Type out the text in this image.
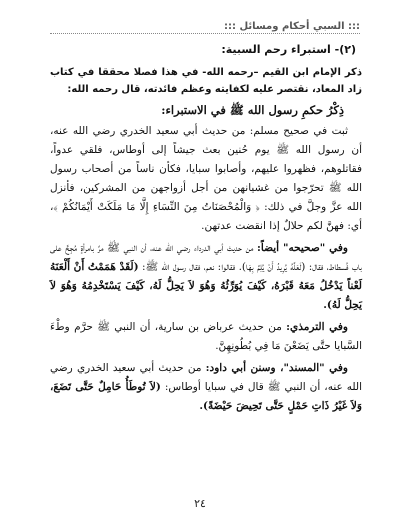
::: السبي أحكام ومسائل :::
(٢)- استبراء رحم السبية:

ذكر الإمام ابن القيم –رحمه الله- في هذا فصلا محققا في كتاب زاد المعاد، نقتصر عليه لكفايته وعظم فائدته، قال رحمه الله:

ذِكْرُ حكمِ رسول الله ﷺ في الاستبراء:

ثبت في صحيح مسلم: من حديث أبي سعيد الخدري رضي الله عنه، أن رسول الله ﷺ يوم حُنين بعث جيشاً إلى أوطاس، فلقي عدواً، فقاتلوهم، فظهروا عليهم، وأصابوا سبايا، فكأن ناساً من أصحاب رسول الله ﷺ تحرّجوا من غشيانهن من أجل أزواجهن من المشركين، فأنزل الله عزَّ وجلَّ في ذلك: ﴿ وَالْمُحْصَنَاتُ مِنَ النِّسَاءِ إِلَّا مَا مَلَكَتْ أَيْمَانُكُمْ ﴾، أي: فهنَّ لكم حلالٌ إذا انقضت عدتهن.

وفي "صحيحه" أيضاً: من حديث أبي الدرداء رضي الله عنه، أن النبي ﷺ مرَّ بامرأةٍ مُجِحٍّ على باب فُسطاط، فقال: (لَعَلَّهُ يُرِيدُ أَنْ يُلِمَّ بِهَا). فقالوا: نعم، فقال رسول الله ﷺ: (لَقَدْ هَمَمْتُ أَنْ أَلْعَنَهُ لَعْناً يَدْخُلُ مَعَهُ قَبْرَهُ، كَيْفَ يُوَرِّثُهُ وَهُوَ لاَ يَحِلُّ لَهُ، كَيْفَ يَسْتَخْدِمُهُ وَهُوَ لاَ يَحِلُّ لَهُ).

وفي الترمذي: من حديث عرباض بن سارية، أن النبي ﷺ حرَّم وطْءَ السَّبايا حتَّى يَضَعْنَ مَا فِي بُطُونِهِنَّ.

وفي "المسند"، وسنن أبي داود: من حديث أبي سعيد الخدري رضي الله عنه، أن النبي ﷺ قال في سبايا أوطاس: (لاَ تُوطَأُ حَامِلٌ حَتَّى تَضَعَ، وَلاَ غَيْرُ ذَاتِ حَمْلٍ حَتَّى تَحِيضَ حَيْضَةً).

٢٤
